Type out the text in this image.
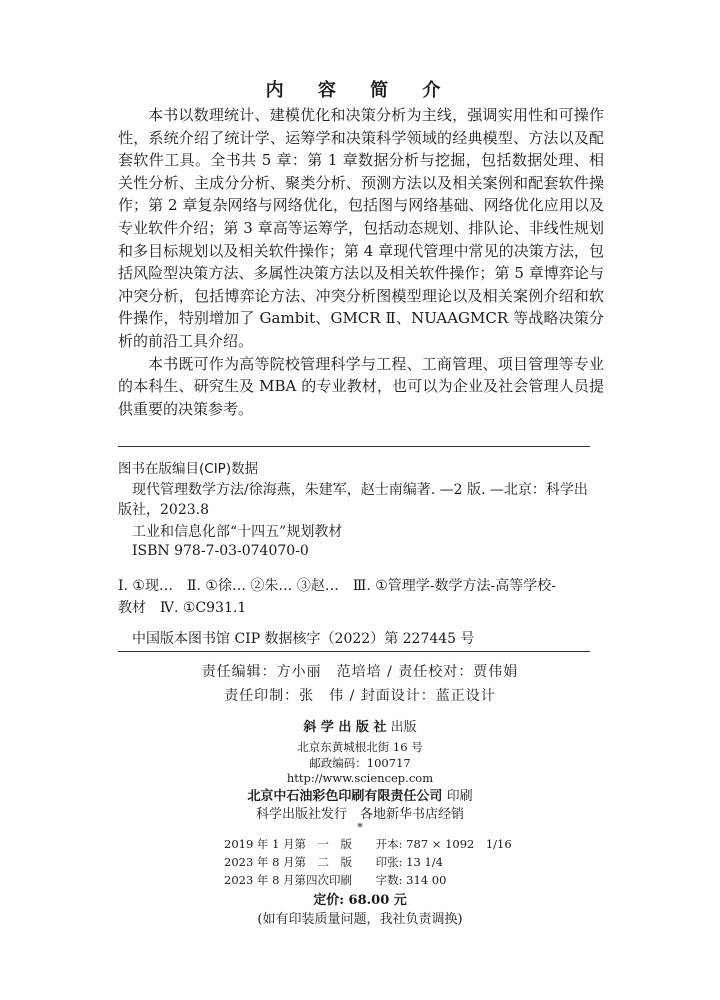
内 容 简 介

本书以数理统计、建模优化和决策分析为主线，强调实用性和可操作性，系统介绍了统计学、运筹学和决策科学领域的经典模型、方法以及配套软件工具。全书共 5 章：第 1 章数据分析与挖掘，包括数据处理、相关性分析、主成分分析、聚类分析、预测方法以及相关案例和配套软件操作；第 2 章复杂网络与网络优化，包括图与网络基础、网络优化应用以及专业软件介绍；第 3 章高等运筹学，包括动态规划、排队论、非线性规划和多目标规划以及相关软件操作；第 4 章现代管理中常见的决策方法，包括风险型决策方法、多属性决策方法以及相关软件操作；第 5 章博弈论与冲突分析，包括博弈论方法、冲突分析图模型理论以及相关案例介绍和软件操作，特别增加了 Gambit、GMCR Ⅱ、NUAAGMCR 等战略决策分析的前沿工具介绍。

本书既可作为高等院校管理科学与工程、工商管理、项目管理等专业的本科生、研究生及 MBA 的专业教材，也可以为企业及社会管理人员提供重要的决策参考。

图书在版编目(CIP)数据
现代管理数学方法/徐海燕，朱建军，赵士南编著. —2 版. —北京：科学出
版社，2023.8
工业和信息化部“十四五”规划教材
ISBN 978-7-03-074070-0
Ⅰ. ①现…　Ⅱ. ①徐… ②朱… ③赵…　Ⅲ. ①管理学-数学方法-高等学校-
教材　Ⅳ. ①C931.1
中国版本图书馆 CIP 数据核字（2022）第 227445 号
责任编辑：方小丽　范培培 / 责任校对：贾伟娟
责任印制：张　伟 / 封面设计：蓝正设计
斜 学 出 版 社 出版
北京东黄城根北街 16 号
邮政编码：100717
http://www.sciencep.com
北京中石油彩色印刷有限责任公司 印刷
科学出版社发行　各地新华书店经销
*
2019 年 1 月第　一　版 开本: 787 × 1092　1/16
2023 年 8 月第　二　版 印张: 13 1/4
2023 年 8 月第四次印刷 字数: 314 00
定价: 68.00 元
(如有印装质量问题，我社负责调换)
